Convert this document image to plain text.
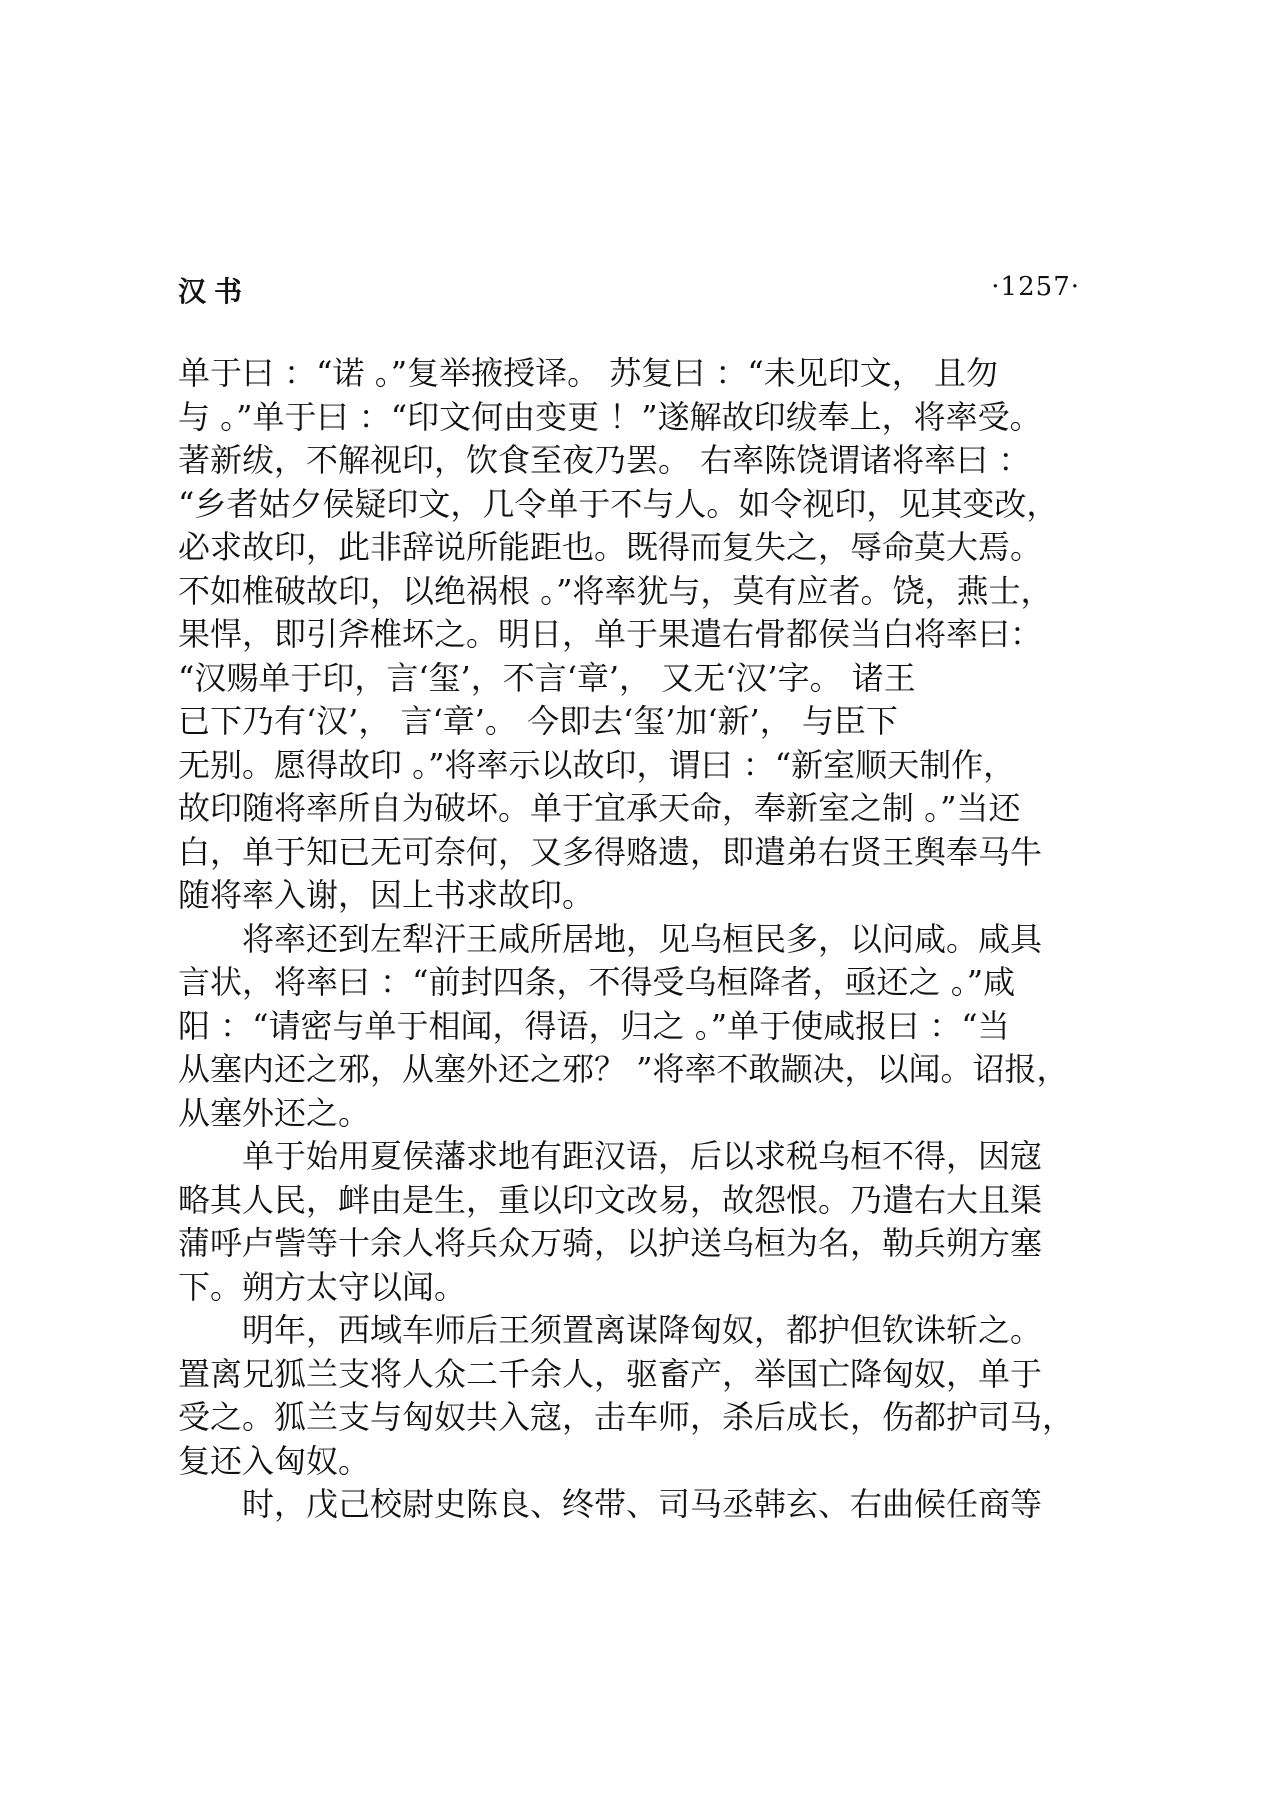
汉书	·1257·
单于曰 ：“诺 。”复举掖授译。 苏复曰 ：“未见印文， 且勿
与 。”单于曰 ：“印文何由变更 ！”遂解故印绂奉上，将率受。
著新绂，不解视印，饮食至夜乃罢。 右率陈饶谓诸将率曰 ：
“乡者姑夕侯疑印文，几令单于不与人。如令视印，见其变改，
必求故印，此非辞说所能距也。既得而复失之，辱命莫大焉。
不如椎破故印，以绝祸根 。”将率犹与，莫有应者。饶，燕士，
果悍，即引斧椎坏之。明日，单于果遣右骨都侯当白将率曰：
“汉赐单于印，言‘玺’，不言‘章’， 又无‘汉’字。 诸王
已下乃有‘汉’， 言‘章’。 今即去‘玺’加‘新’， 与臣下
无别。愿得故印 。”将率示以故印，谓曰 ：“新室顺天制作，
故印随将率所自为破坏。单于宜承天命，奉新室之制 。”当还
白，单于知已无可奈何，又多得赂遗，即遣弟右贤王舆奉马牛
随将率入谢，因上书求故印。
将率还到左犁汗王咸所居地，见乌桓民多，以问咸。咸具
言状，将率曰 ：“前封四条，不得受乌桓降者，亟还之 。”咸
阳 ：“请密与单于相闻，得语，归之 。”单于使咸报曰 ：“当
从塞内还之邪，从塞外还之邪？ ”将率不敢颛决，以闻。诏报，
从塞外还之。
单于始用夏侯藩求地有距汉语，后以求税乌桓不得，因寇
略其人民，衅由是生，重以印文改易，故怨恨。乃遣右大且渠
蒲呼卢訾等十余人将兵众万骑，以护送乌桓为名，勒兵朔方塞
下。朔方太守以闻。
明年，西域车师后王须置离谋降匈奴，都护但钦诛斩之。
置离兄狐兰支将人众二千余人，驱畜产，举国亡降匈奴，单于
受之。狐兰支与匈奴共入寇，击车师，杀后成长，伤都护司马，
复还入匈奴。
时，戊己校尉史陈良、终带、司马丞韩玄、右曲候任商等
